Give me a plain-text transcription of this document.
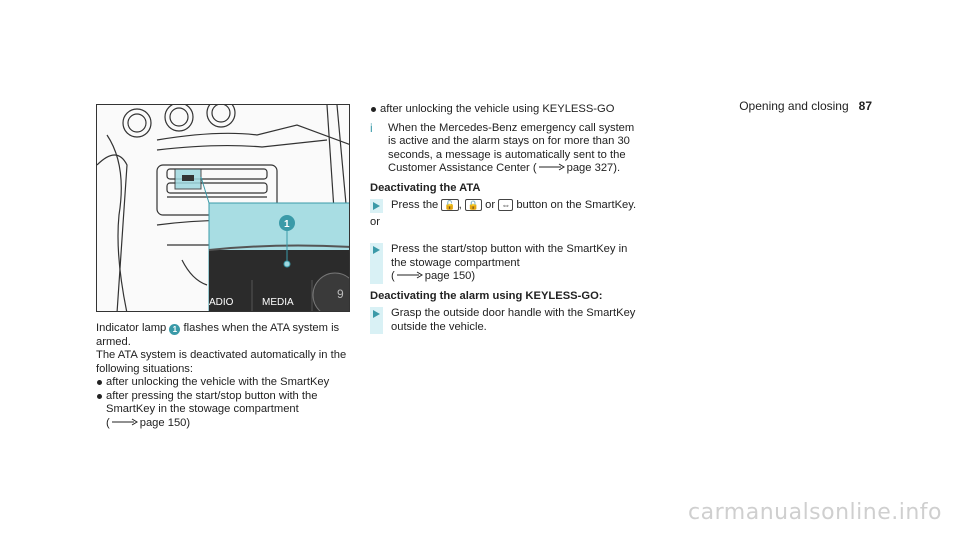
Opening and closing 87
9
ADIO	MEDIA
1

Indicator lamp 1 flashes when the ATA system is armed.

The ATA system is deactivated automatically in the following situations:

after unlocking the vehicle with the SmartKey
after pressing the start/stop button with the SmartKey in the stowage compartment
(	page 150)
after unlocking the vehicle using KEYLESS-GO
i	When the Mercedes-Benz emergency call system is active and the alarm stays on for more than 30 seconds, a message is automatically sent to the Customer Assistance Center (	page 327).

Deactivating the ATA

Press the 🔓 , 🔒 or ⇔ button on the SmartKey.

or

Press the start/stop button with the SmartKey in the stowage compartment
(	page 150)

Deactivating the alarm using KEYLESS-GO:

Grasp the outside door handle with the SmartKey outside the vehicle.
carmanualsonline.info
